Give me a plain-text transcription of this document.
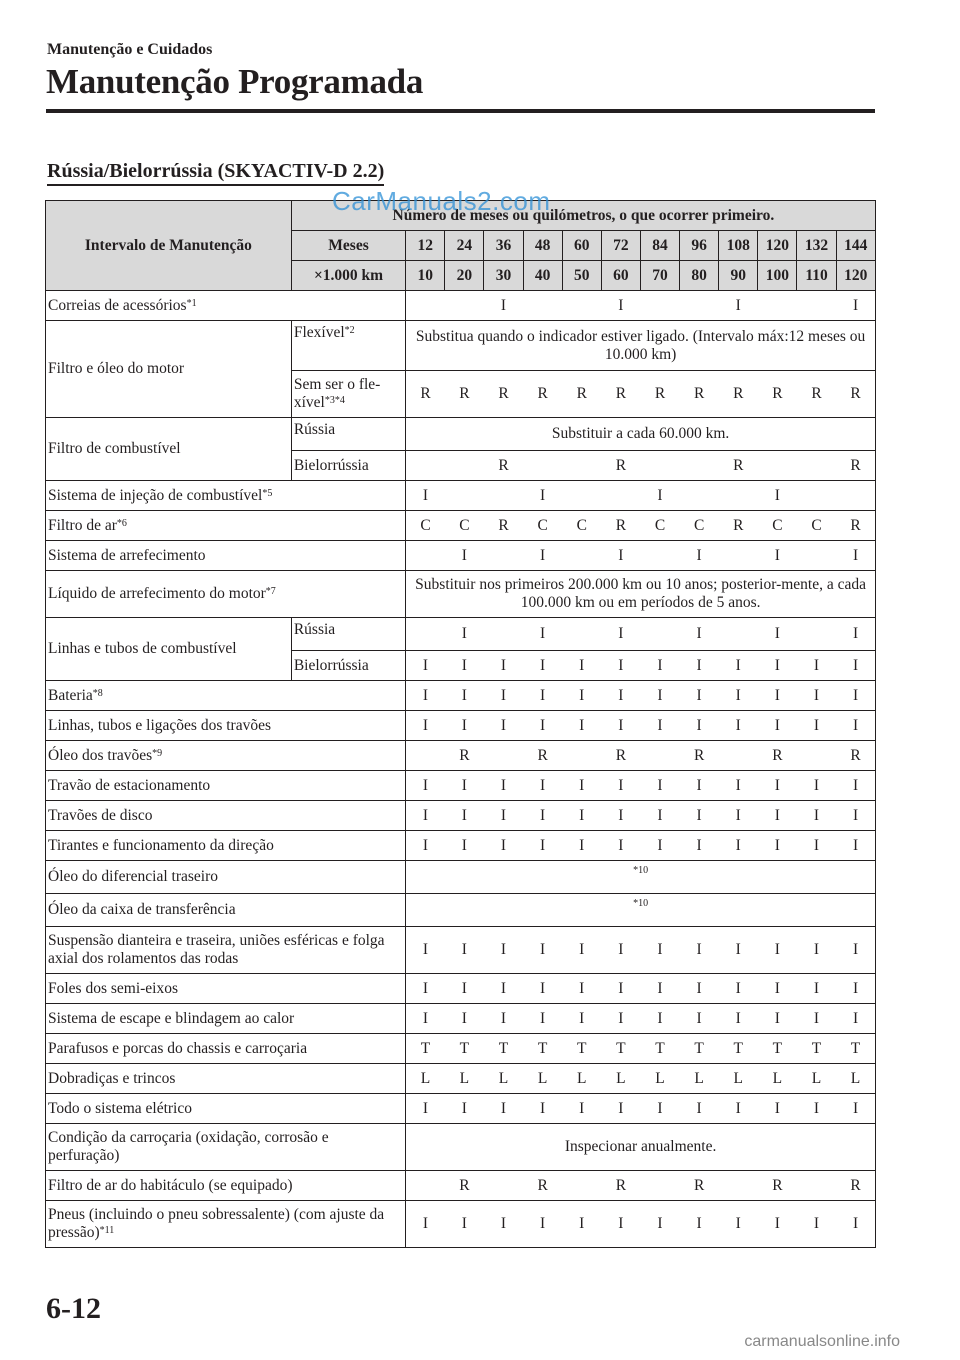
Manutenção e Cuidados
Manutenção Programada
Rússia/Bielorrússia (SKYACTIV-D 2.2)
Intervalo de Manutenção	Número de meses ou quilómetros, o que ocorrer primeiro.												
	Meses	12	24	36	48	60	72	84	96	108	120	132	144
	×1.000 km	10	20	30	40	50	60	70	80	90	100	110	120
Correias de acessórios$^{*1}$				I			I			I			I
Filtro e óleo do motor	Flexível$^{*2}$	Substitua quando o indicador estiver ligado. (Intervalo máx:12 meses ou 10.000 km)											
	Sem ser o fle-xível$^{*3*4}$	R	R	R	R	R	R	R	R	R	R	R	R
Filtro de combustível	Rússia	Substituir a cada 60.000 km.											
	Bielorrússia			R			R			R			R
Sistema de injeção de combustível$^{*5}$		I			I			I			I		
Filtro de $ar^{*6}$		C	C	R	C	C	R	C	C	R	C	C	R
Sistema de arrefecimento			I		I		I		I		I		I
Líquido de arrefecimento do motor$^{*7}$		Substituir nos primeiros 200.000 km ou 10 anos; posterior-mente, a cada 100.000 km ou em períodos de 5 anos.											
Linhas e tubos de combustível	Rússia		I		I		I		I		I		I
	Bielorrússia	I	I	I	I	I	I	I	I	I	I	I	I
Bateria$^{*8}$		I	I	I	I	I	I	I	I	I	I	I	I
Linhas, tubos e ligações dos travões		I	I	I	I	I	I	I	I	I	I	I	I
Óleo dos travões$^{*9}$			R		R		R		R		R		R
Travão de estacionamento		I	I	I	I	I	I	I	I	I	I	I	I
Travões de disco		I	I	I	I	I	I	I	I	I	I	I	I
Tirantes e funcionamento da direção		I	I	I	I	I	I	I	I	I	I	I	I
Óleo do diferencial traseiro		$^{*10}$
Óleo da caixa de transferência		$^{*10}$
Suspensão dianteira e traseira, uniões esféricas e folga axial dos rolamentos das rodas		I	I	I	I	I	I	I	I	I	I	I	I
Foles dos semi-eixos		I	I	I	I	I	I	I	I	I	I	I	I
Sistema de escape e blindagem ao calor		I	I	I	I	I	I	I	I	I	I	I	I
Parafusos e porcas do chassis e carroçaria		T	T	T	T	T	T	T	T	T	T	T	T
Dobradiças e trincos		L	L	L	L	L	L	L	L	L	L	L	L
Todo o sistema elétrico		I	I	I	I	I	I	I	I	I	I	I	I
Condição da carroçaria (oxidação, corrosão e perfuração)		Inspecionar anualmente.											
Filtro de ar do habitáculo (se equipado)			R		R		R		R		R		R
Pneus (incluindo o pneu sobressalente) (com ajuste da pressão)$^{*11}$		I	I	I	I	I	I	I	I	I	I	I	I
CarManuals2.com
6-12
carmanualsonline.info
